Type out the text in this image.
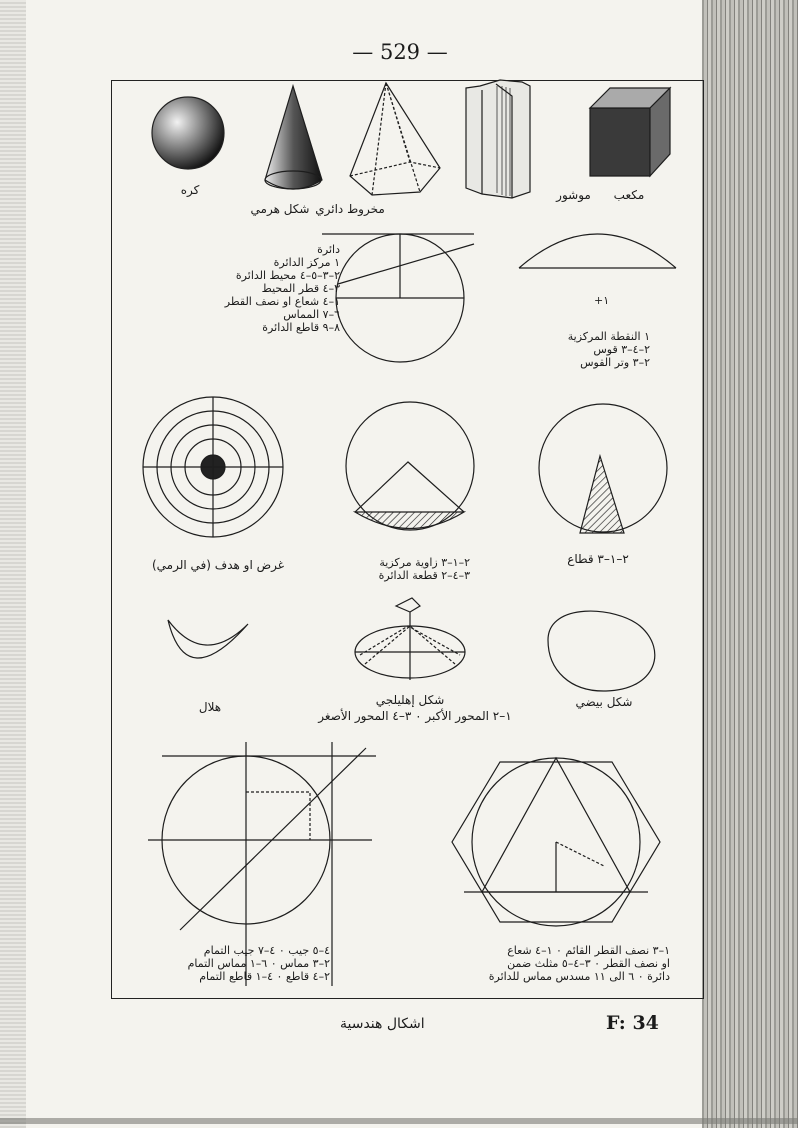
— 529 —
+١
كره
مخروط دائري
شكل هرمي
موشور	مكعب
دائرة
١ مركز الدائرة
٢–٣–٥–٤ محيط الدائرة
٣–٤ قطر المحيط
١–٤ شعاع او نصف القطر
٦–٧ المماس
٨–٩ قاطع الدائرة
١ النقطة المركزية
٢–٤–٣ قوس
٢–٣ وتر القوس
غرض او هدف (في الرمي)	٢–١–٣ زاوية مركزية
٣–٤–٢ قطعة الدائرة
٢–١–٣ قطاع
هلال	شكل إهليلجي
١–٢ المحور الأكبر ٠ ٣–٤ المحور الأصغر
شكل بيضي
٤–٥ جيب ٠ ٤–٧ جيب التمام
٢–٣ مماس ٠ ٦–١ مماس التمام
٢–٤ قاطع ٠ ٤–١ قاطع التمام
١–٣ نصف القطر القائم ٠ ١–٤ شعاع
او نصف القطر ٠ ٣–٤–٥ مثلث ضمن
دائرة ٠ ٦ الى ١١ مسدس مماس للدائرة
اشكال هندسية	F: 34
